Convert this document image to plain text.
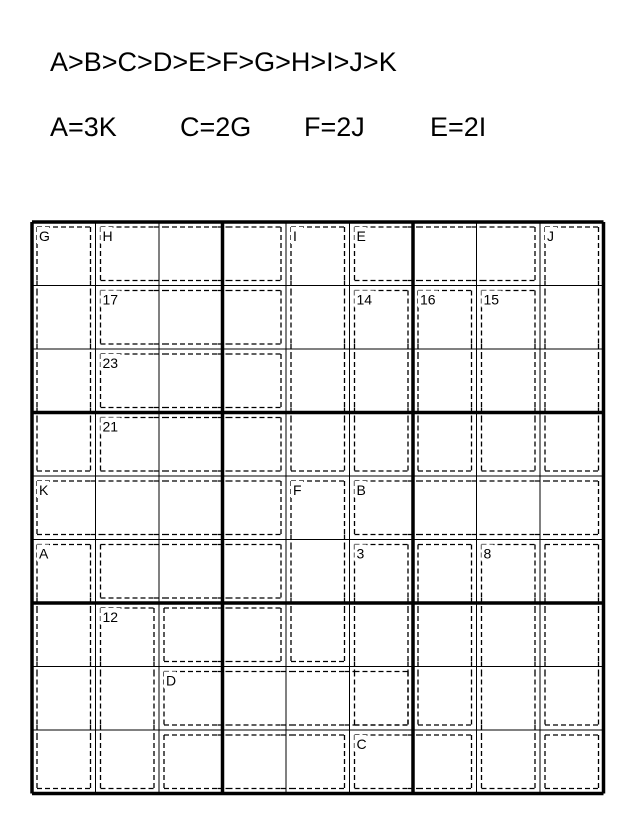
A>B>C>D>E>F>G>H>I>J>K
A=3K C=2G F=2J E=2I
G	H	I	E	J
17	14	16	15
23
21
K	F	B
A	3	8
12
D
C
